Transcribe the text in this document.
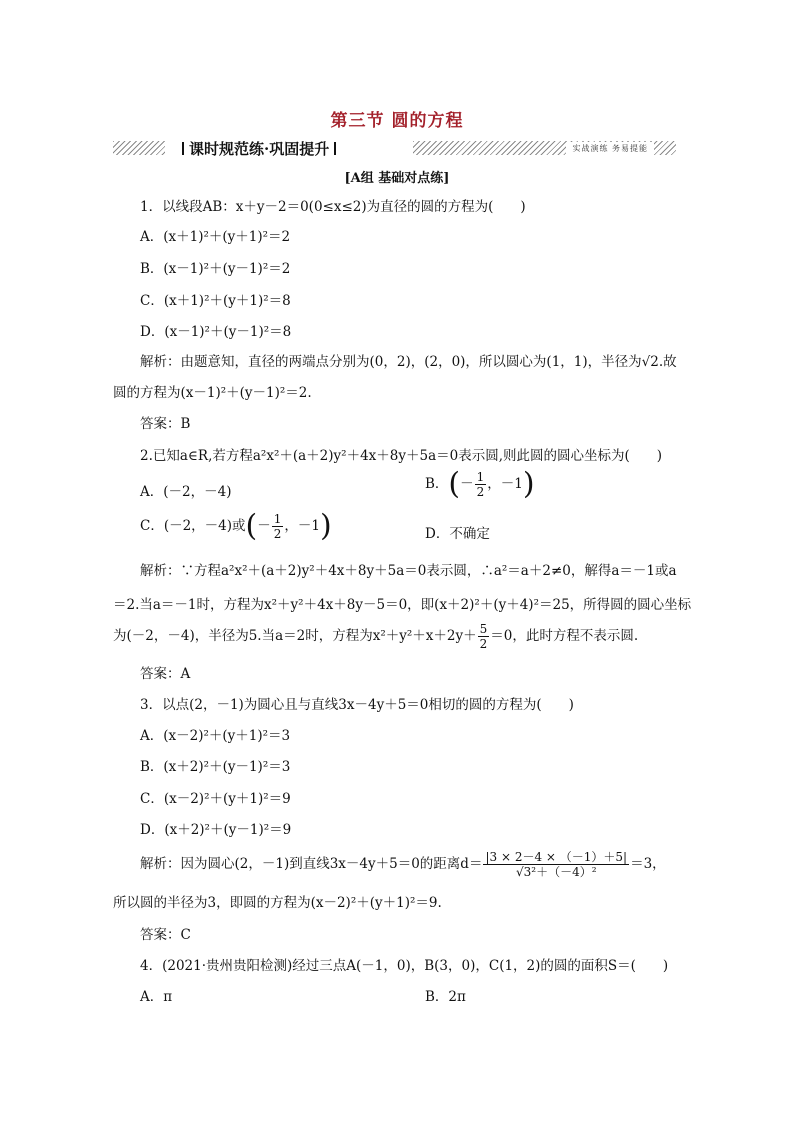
第三节 圆的方程
课时规范练·巩固提升	实战演练 务易提能
[A组 基础对点练]
1．以线段AB：x＋y－2＝0(0≤x≤2)为直径的圆的方程为(　　)
A．(x＋1)²＋(y＋1)²＝2
B．(x－1)²＋(y－1)²＝2
C．(x＋1)²＋(y＋1)²＝8
D．(x－1)²＋(y－1)²＝8
解析：由题意知，直径的两端点分别为(0，2)，(2，0)，所以圆心为(1，1)，半径为√2.故
圆的方程为(x－1)²＋(y－1)²＝2.
答案：B
2.已知a∈R,若方程a²x²＋(a＋2)y²＋4x＋8y＋5a＝0表示圆,则此圆的圆心坐标为(　　)
A．(－2，－4)	B．(－ $\frac{1}{2}$ ，－1)
C．(－2，－4)或(－ $\frac{1}{2}$ ，－1)	D．不确定
解析：∵方程a²x²＋(a＋2)y²＋4x＋8y＋5a＝0表示圆，∴a²＝a＋2≠0，解得a＝－1或a
＝2.当a＝－1时，方程为x²＋y²＋4x＋8y－5＝0，即(x＋2)²＋(y＋4)²＝25，所得圆的圆心坐标
为(－2，－4)，半径为5.当a＝2时，方程为$x^2+y^2+x+2y+ \frac{5}{2} =0$，此时方程不表示圆.
答案：A
3．以点(2，－1)为圆心且与直线3x－4y＋5＝0相切的圆的方程为(　　)
A．(x－2)²＋(y＋1)²＝3
B．(x＋2)²＋(y－1)²＝3
C．(x－2)²＋(y＋1)²＝9
D．(x＋2)²＋(y－1)²＝9
解析：因为圆心(2，－1)到直线3x－4y＋5＝0的距离$d= \frac{|3 \times 2-4 \times (-1)+5|}{\text{√3²＋（－4）²}} =3$，
所以圆的半径为3，即圆的方程为(x－2)²＋(y＋1)²＝9.
答案：C
4．(2021·贵州贵阳检测)经过三点A(－1，0)，B(3，0)，C(1，2)的圆的面积S＝(　　)
A．π	B．2π
